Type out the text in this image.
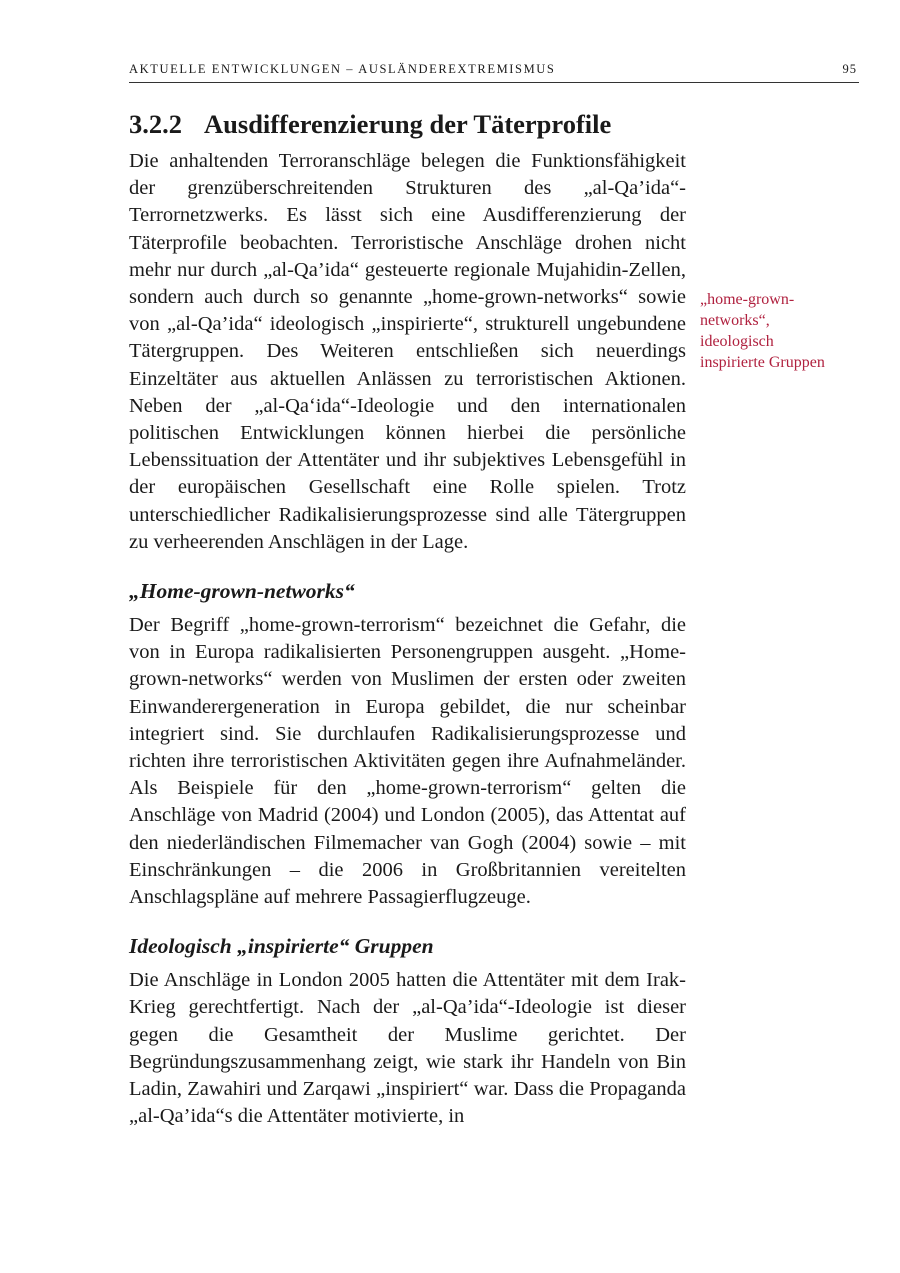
AKTUELLE ENTWICKLUNGEN – AUSLÄNDEREXTREMISMUS	95
3.2.2 Ausdifferenzierung der Täterprofile

Die anhaltenden Terroranschläge belegen die Funktionsfähigkeit der grenzüberschreitenden Strukturen des „al-Qa’ida“-Terrornetzwerks. Es lässt sich eine Ausdifferenzierung der Täterprofile beobachten. Terroristische Anschläge drohen nicht mehr nur durch „al-Qa’ida“ gesteuerte regionale Mujahidin-Zellen, sondern auch durch so genannte „home-grown-networks“ sowie von „al-Qa’ida“ ideologisch „inspirierte“, strukturell ungebundene Tätergruppen. Des Weiteren entschließen sich neuerdings Einzeltäter aus aktuellen Anlässen zu terroristischen Aktionen. Neben der „al-Qa‘ida“-Ideologie und den internationalen politischen Entwicklungen können hierbei die persönliche Lebenssituation der Attentäter und ihr subjektives Lebensgefühl in der europäischen Gesellschaft eine Rolle spielen. Trotz unterschiedlicher Radikalisierungsprozesse sind alle Tätergruppen zu verheerenden Anschlägen in der Lage.

„Home-grown-networks“

Der Begriff „home-grown-terrorism“ bezeichnet die Gefahr, die von in Europa radikalisierten Personengruppen ausgeht. „Home-grown-networks“ werden von Muslimen der ersten oder zweiten Einwanderergeneration in Europa gebildet, die nur scheinbar integriert sind. Sie durchlaufen Radikalisierungsprozesse und richten ihre terroristischen Aktivitäten gegen ihre Aufnahmeländer. Als Beispiele für den „home-grown-terrorism“ gelten die Anschläge von Madrid (2004) und London (2005), das Attentat auf den niederländischen Filmemacher van Gogh (2004) sowie – mit Einschränkungen – die 2006 in Großbritannien vereitelten Anschlagspläne auf mehrere Passagierflugzeuge.

Ideologisch „inspirierte“ Gruppen

Die Anschläge in London 2005 hatten die Attentäter mit dem Irak-Krieg gerechtfertigt. Nach der „al-Qa’ida“-Ideologie ist dieser gegen die Gesamtheit der Muslime gerichtet. Der Begründungszusammenhang zeigt, wie stark ihr Handeln von Bin Ladin, Zawahiri und Zarqawi „inspiriert“ war. Dass die Propaganda „al-Qa’ida“s die Attentäter motivierte, in

„home-grown-
networks“,
ideologisch
inspirierte Gruppen
